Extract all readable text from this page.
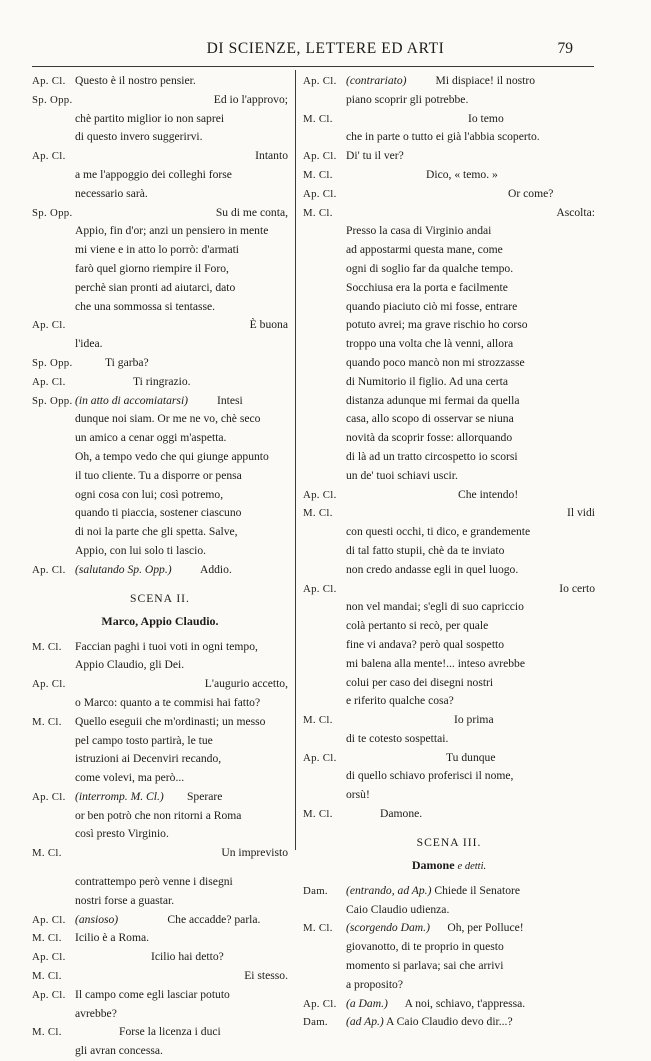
DI SCIENZE, LETTERE ED ARTI	79
Ap. Cl. Questo è il nostro pensier.
Sp. Opp.	Ed io l'approvo;
chè partito miglior io non saprei
di questo invero suggerirvi.
Ap. Cl.	Intanto
a me l'appoggio dei colleghi forse
necessario sarà.
Sp. Opp.	Su di me conta,
Appio, fin d'or; anzi un pensiero in mente
mi viene e in atto lo porrò: d'armati
farò quel giorno riempire il Foro,
perchè sian pronti ad aiutarci, dato
che una sommossa si tentasse.
Ap. Cl.	È buona
l'idea.
Sp. Opp.	Ti garba?
Ap. Cl.	Ti ringrazio.
Sp. Opp. (in atto di accomiatarsi)          Intesi
dunque noi siam. Or me ne vo, chè seco
un amico a cenar oggi m'aspetta.
Oh, a tempo vedo che qui giunge appunto
il tuo cliente. Tu a disporre or pensa
ogni cosa con lui; così potremo,
quando ti piaccia, sostener ciascuno
di noi la parte che gli spetta. Salve,
Appio, con lui solo ti lascio.
Ap. Cl. (salutando Sp. Opp.)          Addio.
SCENA II.
Marco, Appio Claudio.
M. Cl. Faccian paghi i tuoi voti in ogni tempo,
Appio Claudio, gli Dei.
Ap. Cl.	L'augurio accetto,
o Marco: quanto a te commisi hai fatto?
M. Cl. Quello eseguii che m'ordinasti; un messo
pel campo tosto partirà, le tue
istruzioni ai Decenviri recando,
come volevi, ma però...
Ap. Cl. (interromp. M. Cl.)        Sperare
or ben potrò che non ritorni a Roma
così presto Virginio.
M. Cl.	Un imprevisto
contrattempo però venne i disegni
nostri forse a guastar.
Ap. Cl. (ansioso)                 Che accadde? parla.
M. Cl. Icilio è a Roma.
Ap. Cl.	Icilio hai detto?
M. Cl.	Ei stesso.
Ap. Cl. Il campo come egli lasciar potuto
avrebbe?
M. Cl.	Forse la licenza i duci
gli avran concessa.
Ap. Cl. (contrariato)          Mi dispiace! il nostro
piano scoprir gli potrebbe.
M. Cl.	Io temo
che in parte o tutto ei già l'abbia scoperto.
Ap. Cl. Di' tu il ver?
M. Cl.	Dico, « temo. »
Ap. Cl.	Or come?
M. Cl.	Ascolta:
Presso la casa di Virginio andai
ad appostarmi questa mane, come
ogni di soglio far da qualche tempo.
Socchiusa era la porta e facilmente
quando piaciuto ciò mi fosse, entrare
potuto avrei; ma grave rischio ho corso
troppo una volta che là venni, allora
quando poco mancò non mi strozzasse
di Numitorio il figlio. Ad una certa
distanza adunque mi fermai da quella
casa, allo scopo di osservar se niuna
novità da scoprir fosse: allorquando
di là ad un tratto circospetto io scorsi
un de' tuoi schiavi uscir.
Ap. Cl.	Che intendo!
M. Cl.	Il vidi
con questi occhi, ti dico, e grandemente
di tal fatto stupii, chè da te inviato
non credo andasse egli in quel luogo.
Ap. Cl.	Io certo
non vel mandai; s'egli di suo capriccio
colà pertanto si recò, per quale
fine vi andava? però qual sospetto
mi balena alla mente!... inteso avrebbe
colui per caso dei disegni nostri
e riferito qualche cosa?
M. Cl.	Io prima
di te cotesto sospettai.
Ap. Cl.	Tu dunque
di quello schiavo proferisci il nome,
orsù!
M. Cl.	Damone.
SCENA III.
Damone e detti.
Dam. (entrando, ad Ap.) Chiede il Senatore
Caio Claudio udienza.
M. Cl. (scorgendo Dam.)      Oh, per Polluce!
giovanotto, di te proprio in questo
momento si parlava; sai che arrivi
a proposito?
Ap. Cl. (a Dam.)      A noi, schiavo, t'appressa.
Dam. (ad Ap.) A Caio Claudio devo dir...?
